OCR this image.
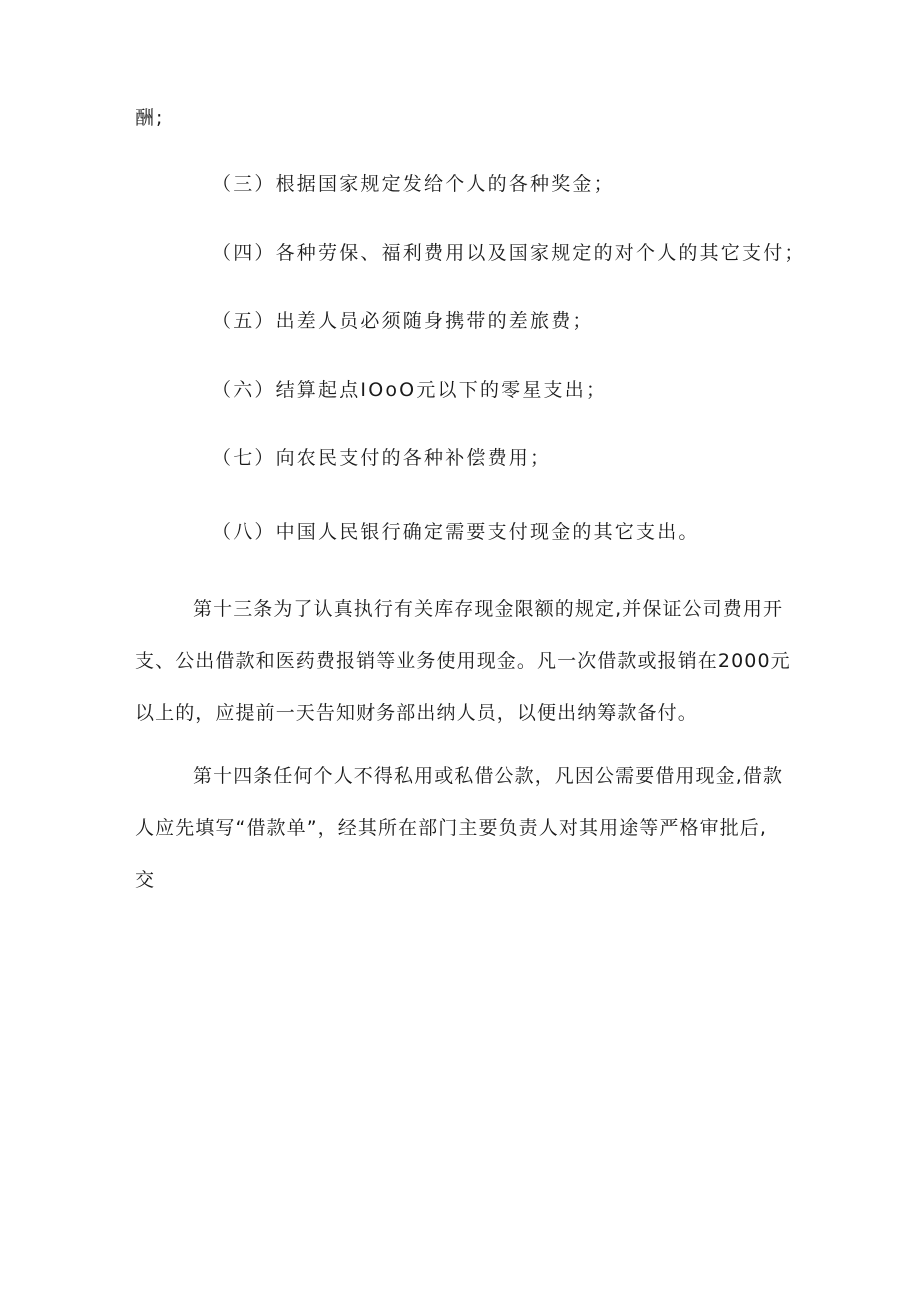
酬;
（三）根据国家规定发给个人的各种奖金；
（四）各种劳保、福利费用以及国家规定的对个人的其它支付；
（五）出差人员必须随身携带的差旅费；
（六）结算起点IOoO元以下的零星支出；
（七）向农民支付的各种补偿费用；
（八）中国人民银行确定需要支付现金的其它支出。
第十三条为了认真执行有关库存现金限额的规定,并保证公司费用开
支、公出借款和医药费报销等业务使用现金。凡一次借款或报销在2000元
以上的，应提前一天告知财务部出纳人员，以便出纳筹款备付。
第十四条任何个人不得私用或私借公款，凡因公需要借用现金,借款
人应先填写“借款单”，经其所在部门主要负责人对其用途等严格审批后,
交
